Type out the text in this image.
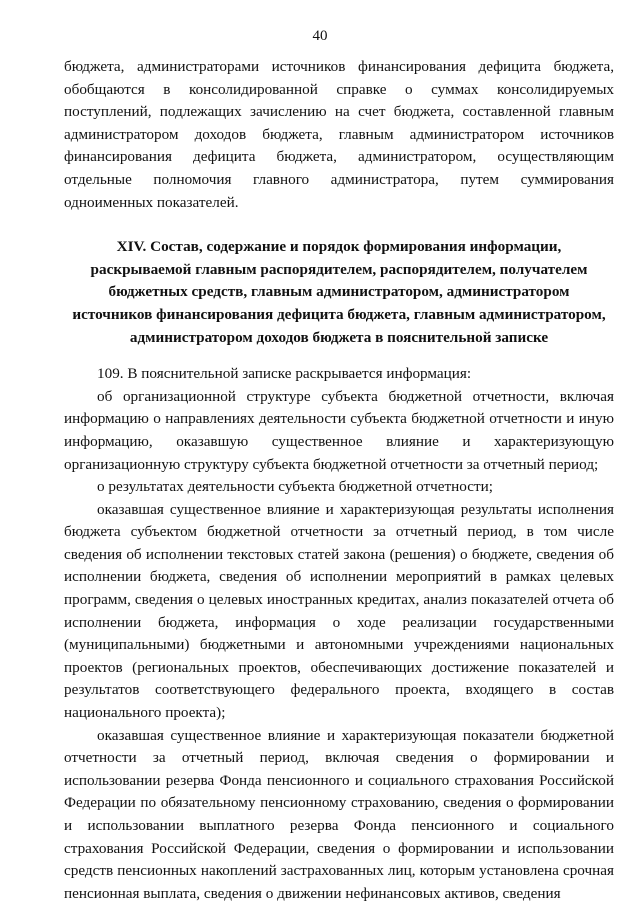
40

бюджета, администраторами источников финансирования дефицита бюджета, обобщаются в консолидированной справке о суммах консолидируемых поступлений, подлежащих зачислению на счет бюджета, составленной главным администратором доходов бюджета, главным администратором источников финансирования дефицита бюджета, администратором, осуществляющим отдельные полномочия главного администратора, путем суммирования одноименных показателей.

XIV. Состав, содержание и порядок формирования информации, раскрываемой главным распорядителем, распорядителем, получателем бюджетных средств, главным администратором, администратором источников финансирования дефицита бюджета, главным администратором, администратором доходов бюджета в пояснительной записке

109. В пояснительной записке раскрывается информация:

об организационной структуре субъекта бюджетной отчетности, включая информацию о направлениях деятельности субъекта бюджетной отчетности и иную информацию, оказавшую существенное влияние и характеризующую организационную структуру субъекта бюджетной отчетности за отчетный период;

о результатах деятельности субъекта бюджетной отчетности;

оказавшая существенное влияние и характеризующая результаты исполнения бюджета субъектом бюджетной отчетности за отчетный период, в том числе сведения об исполнении текстовых статей закона (решения) о бюджете, сведения об исполнении бюджета, сведения об исполнении мероприятий в рамках целевых программ, сведения о целевых иностранных кредитах, анализ показателей отчета об исполнении бюджета, информация о ходе реализации государственными (муниципальными) бюджетными и автономными учреждениями национальных проектов (региональных проектов, обеспечивающих достижение показателей и результатов соответствующего федерального проекта, входящего в состав национального проекта);

оказавшая существенное влияние и характеризующая показатели бюджетной отчетности за отчетный период, включая сведения о формировании и использовании резерва Фонда пенсионного и социального страхования Российской Федерации по обязательному пенсионному страхованию, сведения о формировании и использовании выплатного резерва Фонда пенсионного и социального страхования Российской Федерации, сведения о формировании и использовании средств пенсионных накоплений застрахованных лиц, которым установлена срочная пенсионная выплата, сведения о движении нефинансовых активов, сведения
